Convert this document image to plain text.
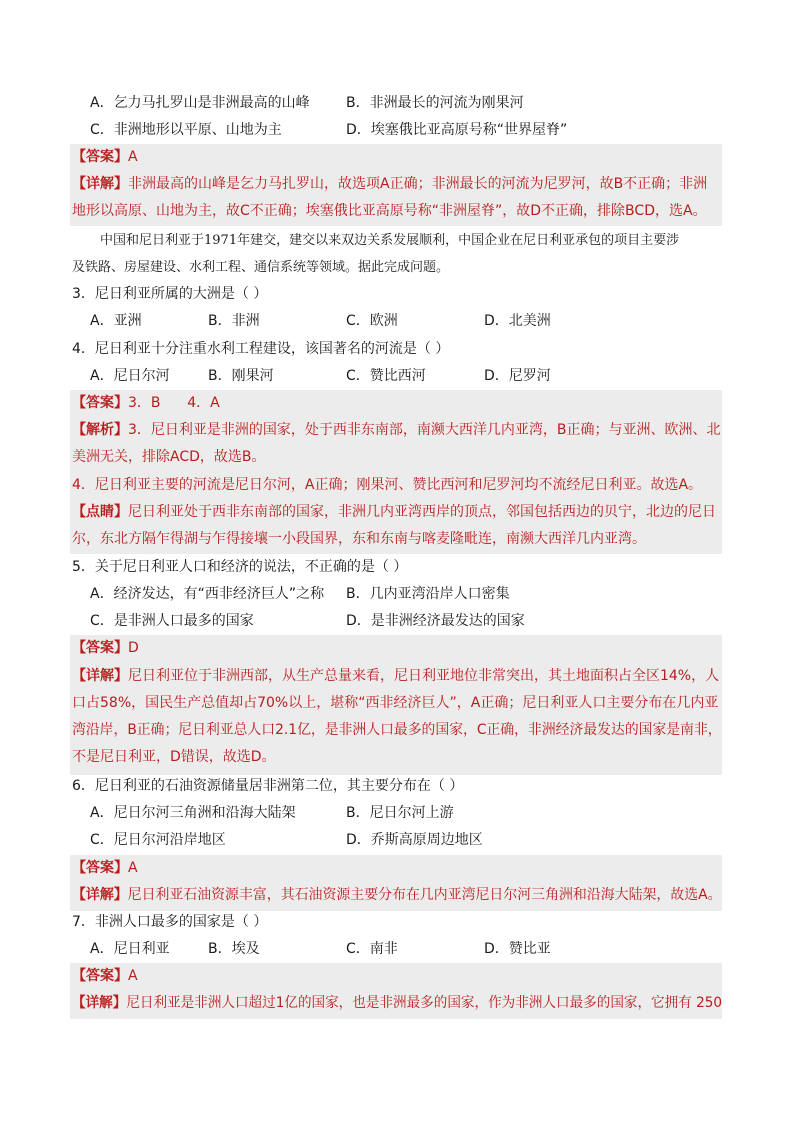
A．乞力马扎罗山是非洲最高的山峰	B．非洲最长的河流为刚果河
C．非洲地形以平原、山地为主	D．埃塞俄比亚高原号称“世界屋脊”
【答案】A
【详解】非洲最高的山峰是乞力马扎罗山，故选项A正确；非洲最长的河流为尼罗河，故B不正确；非洲
地形以高原、山地为主，故C不正确；埃塞俄比亚高原号称“非洲屋脊”，故D不正确，排除BCD，选A。
中国和尼日利亚于1971年建交，建交以来双边关系发展顺利，中国企业在尼日利亚承包的项目主要涉
及铁路、房屋建设、水利工程、通信系统等领域。据此完成问题。
3．尼日利亚所属的大洲是（ ）
A．亚洲	B．非洲	C．欧洲	D．北美洲
4．尼日利亚十分注重水利工程建设，该国著名的河流是（ ）
A．尼日尔河	B．刚果河	C．赞比西河	D．尼罗河
【答案】3．B      4．A
【解析】3．尼日利亚是非洲的国家，处于西非东南部，南濒大西洋几内亚湾，B正确；与亚洲、欧洲、北
美洲无关，排除ACD，故选B。
4．尼日利亚主要的河流是尼日尔河，A正确；刚果河、赞比西河和尼罗河均不流经尼日利亚。故选A。
【点睛】尼日利亚处于西非东南部的国家，非洲几内亚湾西岸的顶点，邻国包括西边的贝宁，北边的尼日
尔，东北方隔乍得湖与乍得接壤一小段国界，东和东南与喀麦隆毗连，南濒大西洋几内亚湾。
5．关于尼日利亚人口和经济的说法，不正确的是（ ）
A．经济发达，有“西非经济巨人”之称 B．几内亚湾沿岸人口密集
C．是非洲人口最多的国家	D．是非洲经济最发达的国家
【答案】D
【详解】尼日利亚位于非洲西部，从生产总量来看，尼日利亚地位非常突出，其土地面积占全区14%，人
口占58%，国民生产总值却占70%以上，堪称“西非经济巨人”，A正确；尼日利亚人口主要分布在几内亚
湾沿岸，B正确；尼日利亚总人口2.1亿，是非洲人口最多的国家，C正确，非洲经济最发达的国家是南非，
不是尼日利亚，D错误，故选D。
6．尼日利亚的石油资源储量居非洲第二位，其主要分布在（ ）
A．尼日尔河三角洲和沿海大陆架	B．尼日尔河上游
C．尼日尔河沿岸地区	D．乔斯高原周边地区
【答案】A
【详解】尼日利亚石油资源丰富，其石油资源主要分布在几内亚湾尼日尔河三角洲和沿海大陆架，故选A。
7．非洲人口最多的国家是（ ）
A．尼日利亚	B．埃及	C．南非	D．赞比亚
【答案】A
【详解】尼日利亚是非洲人口超过1亿的国家，也是非洲最多的国家，作为非洲人口最多的国家，它拥有 250
